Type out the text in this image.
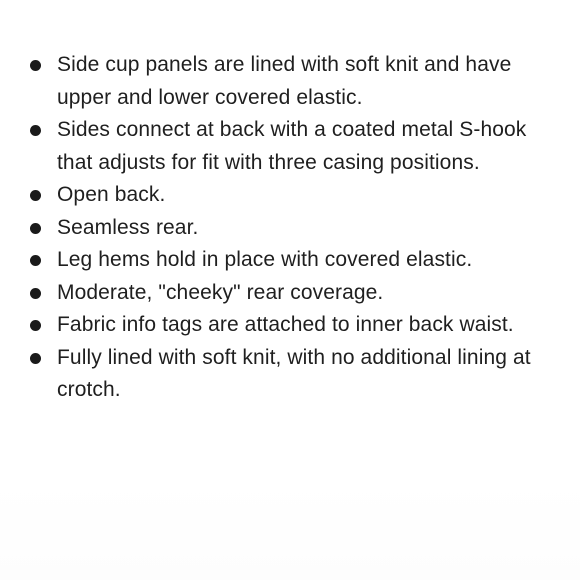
Side cup panels are lined with soft knit and have upper and lower covered elastic.
Sides connect at back with a coated metal S-hook that adjusts for fit with three casing positions.
Open back.
Seamless rear.
Leg hems hold in place with covered elastic.
Moderate, "cheeky" rear coverage.
Fabric info tags are attached to inner back waist.
Fully lined with soft knit, with no additional lining at crotch.
